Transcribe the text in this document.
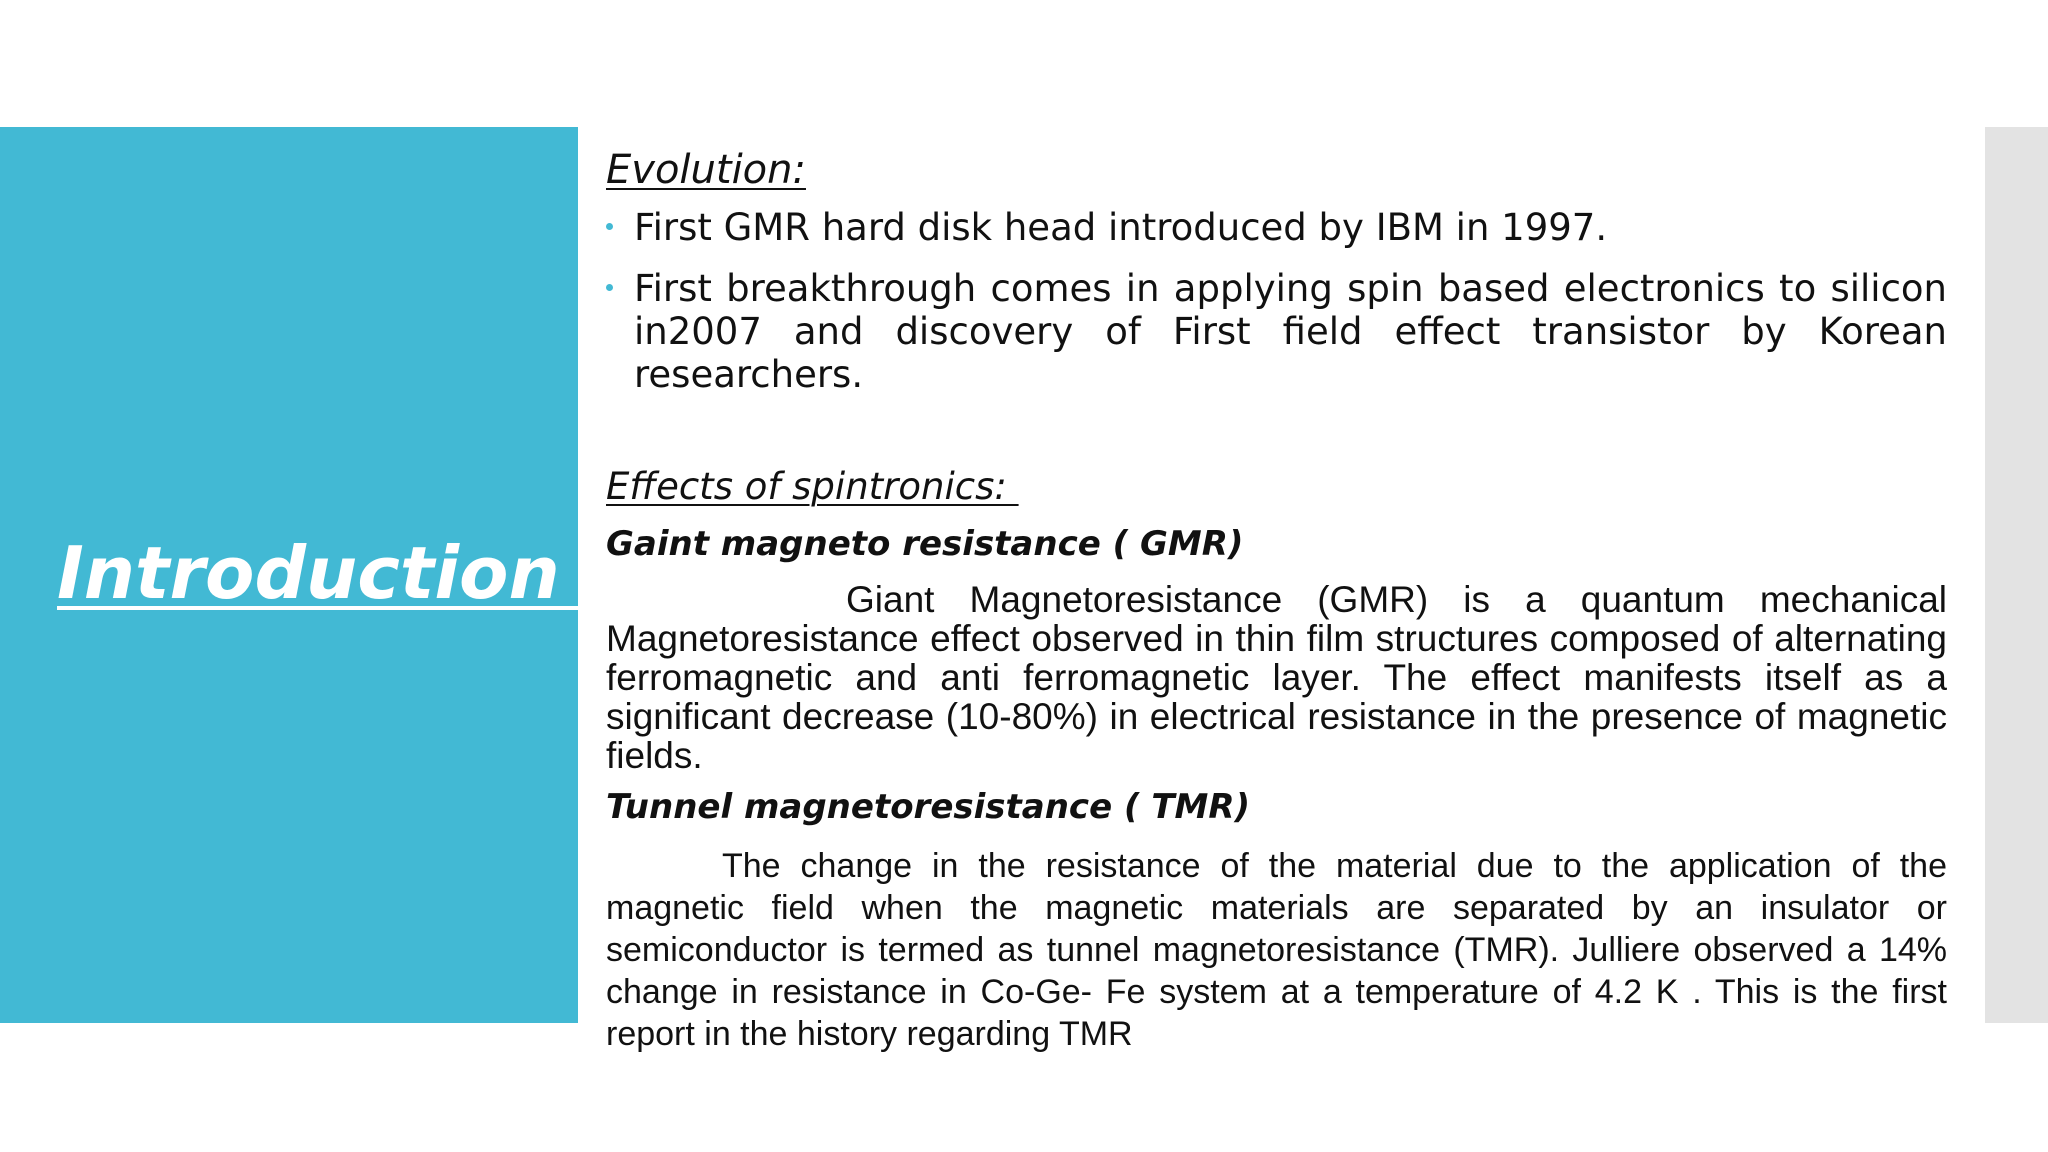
Introduction
Evolution:
First GMR hard disk head introduced by IBM in 1997.
First breakthrough comes in applying spin based electronics to silicon in2007 and discovery of First field effect transistor by Korean researchers.
Effects of spintronics:
Gaint magneto resistance ( GMR)

Giant Magnetoresistance (GMR) is a quantum mechanical Magnetoresistance effect observed in thin film structures composed of alternating ferromagnetic and anti ferromagnetic layer. The effect manifests itself as a significant decrease (10-80%) in electrical resistance in the presence of magnetic fields.

Tunnel magnetoresistance ( TMR)

The change in the resistance of the material due to the application of the magnetic field when the magnetic materials are separated by an insulator or semiconductor is termed as tunnel magnetoresistance (TMR). Julliere observed a 14% change in resistance in Co-Ge- Fe system at a temperature of 4.2 K . This is the first report in the history regarding TMR
